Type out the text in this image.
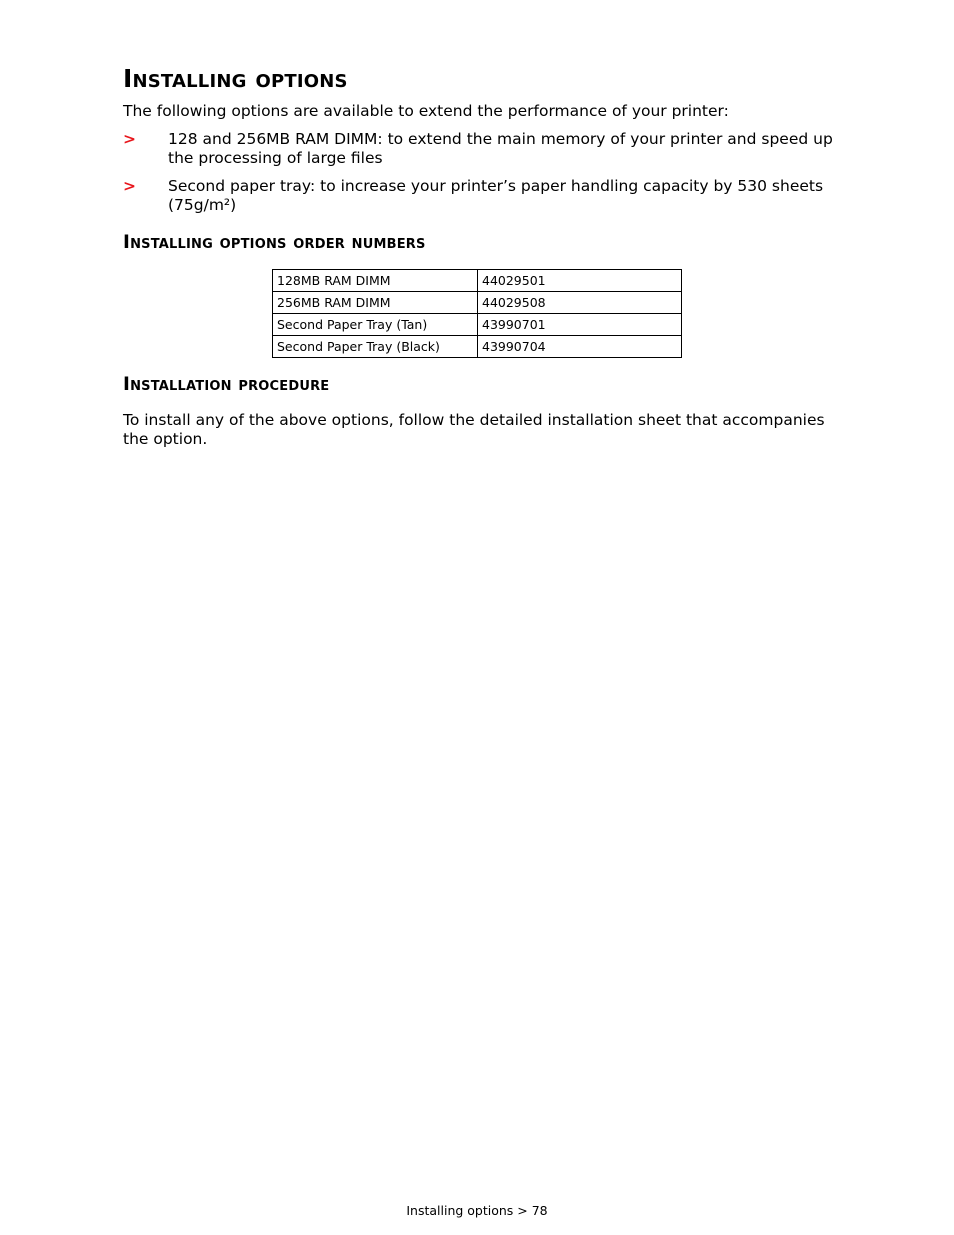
Installing options

The following options are available to extend the performance of your printer:

> 128 and 256MB RAM DIMM: to extend the main memory of your printer and speed up the processing of large files
> Second paper tray: to increase your printer’s paper handling capacity by 530 sheets (75g/m²)
Installing options order numbers
128MB RAM DIMM	44029501
256MB RAM DIMM	44029508
Second Paper Tray (Tan)	43990701
Second Paper Tray (Black)	43990704
Installation procedure

To install any of the above options, follow the detailed installation sheet that accompanies the option.

Installing options > 78
